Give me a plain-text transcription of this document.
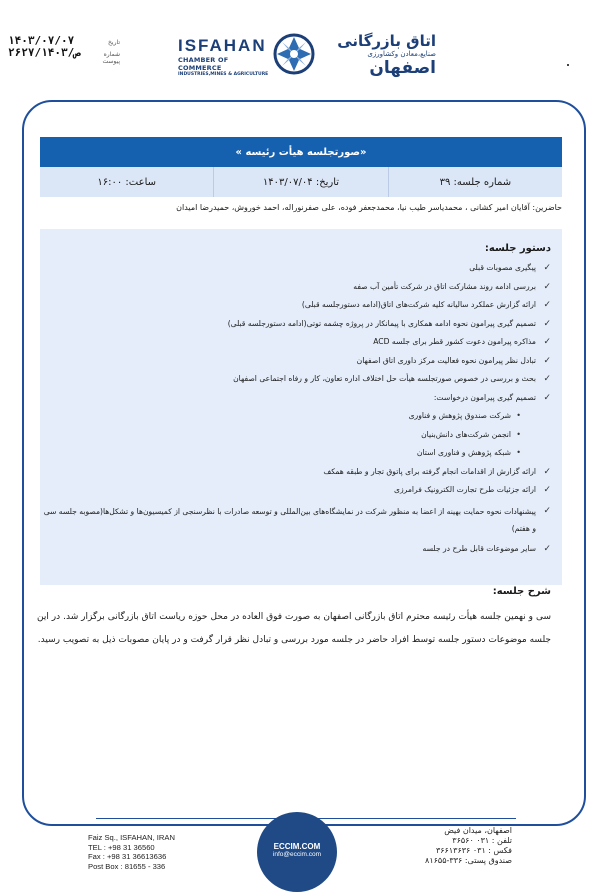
۱۴۰۳/۰۷/۰۷	تاریخ
۲۶۲۷/ص/۱۴۰۳	شماره
پیوست
ISFAHAN
CHAMBER OF COMMERCE
INDUSTRIES,MINES & AGRICULTURE
اتاق بازرگانی
صنایع،معادن وکشاورزی
اصفهان
«صورتجلسه هیأت رئیسه »
شماره جلسه: ۳۹
تاریخ: ۱۴۰۳/۰۷/۰۴
ساعت: ۱۶:۰۰
حاضرین: آقایان امیر کشانی ، محمدیاسر طیب نیا، محمدجعفر فوده، علی صفرنوراله، احمد خوروش، حمیدرضا امیدان
دستور جلسه:
✓
پیگیری مصوبات قبلی
✓
بررسی ادامه روند مشارکت اتاق در شرکت تأمین آب صفه
✓
ارائه گزارش عملکرد سالیانه کلیه شرکت‌های اتاق(ادامه دستورجلسه قبلی)
✓
تصمیم گیری پیرامون نحوه ادامه همکاری با پیمانکار در پروژه چشمه توتی(ادامه دستورجلسه قبلی)
✓
مذاکره پیرامون دعوت کشور قطر برای جلسه ACD
✓
تبادل نظر پیرامون نحوه فعالیت مرکز داوری اتاق اصفهان
✓
بحث و بررسی در خصوص صورتجلسه هیأت حل اختلاف اداره تعاون، کار و رفاه اجتماعی اصفهان
✓
تصمیم گیری پیرامون درخواست:
•
شرکت صندوق پژوهش و فناوری
•
انجمن شرکت‌های دانش‌بنیان
•
شبکه پژوهش و فناوری استان
✓
ارائه گزارش از اقدامات انجام گرفته برای پاتوق تجار و طبقه همکف
✓
ارائه جزئیات طرح تجارت الکترونیک فرامرزی
✓
پیشنهادات نحوه حمایت بهینه از اعضا به منظور شرکت در نمایشگاه‌های بین‌المللی و توسعه صادرات با نظرسنجی از کمیسیون‌ها و تشکل‌ها(مصوبه جلسه سی و هفتم)
✓
سایر موضوعات قابل طرح در جلسه
شرح جلسه:
سی و نهمین جلسه هیأت رئیسه محترم اتاق بازرگانی اصفهان به صورت فوق العاده در محل حوزه ریاست اتاق بازرگانی برگزار شد. در این جلسه موضوعات دستور جلسه توسط افراد حاضر در جلسه مورد بررسی و تبادل نظر قرار گرفت و در پایان مصوبات ذیل به تصویب رسید.
Faiz Sq., ISFAHAN, IRAN
TEL : +98 31 36560
Fax : +98 31 36613636
Post Box : 81655 - 336
ECCIM.COM
info@eccim.com
اصفهان، میدان فیض
تلفن : ۰۳۱ ۳۶۵۶۰
فکس : ۰۳۱ ۳۶۶۱۳۶۳۶
صندوق پستی: ۳۳۶-۸۱۶۵۵
